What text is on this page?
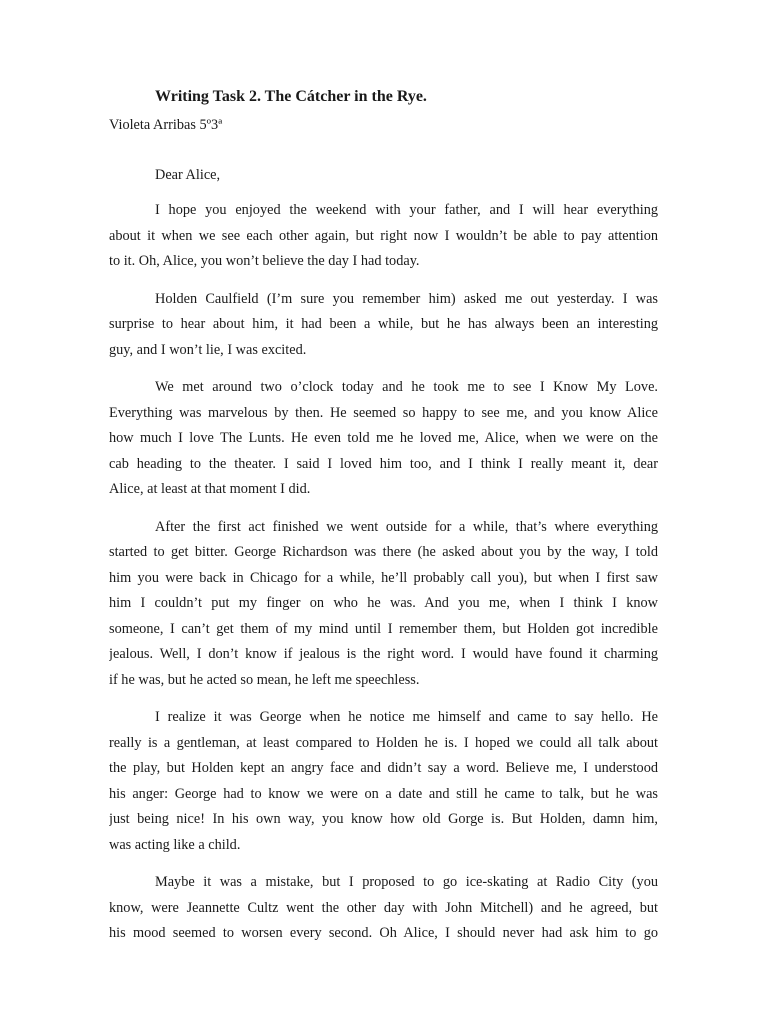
Writing Task 2. The Cátcher in the Rye.

Violeta Arribas 5º3ª

Dear Alice,

I hope you enjoyed the weekend with your father, and I will hear everything
about it when we see each other again, but right now I wouldn’t be able to pay attention
to it. Oh, Alice, you won’t believe the day I had today.
Holden Caulfield (I’m sure you remember him) asked me out yesterday. I was
surprise to hear about him, it had been a while, but he has always been an interesting
guy, and I won’t lie, I was excited.
We met around two o’clock today and he took me to see I Know My Love.
Everything was marvelous by then. He seemed so happy to see me, and you know Alice
how much I love The Lunts. He even told me he loved me, Alice, when we were on the
cab heading to the theater. I said I loved him too, and I think I really meant it, dear
Alice, at least at that moment I did.
After the first act finished we went outside for a while, that’s where everything
started to get bitter. George Richardson was there (he asked about you by the way, I told
him you were back in Chicago for a while, he’ll probably call you), but when I first saw
him I couldn’t put my finger on who he was. And you me, when I think I know
someone, I can’t get them of my mind until I remember them, but Holden got incredible
jealous. Well, I don’t know if jealous is the right word. I would have found it charming
if he was, but he acted so mean, he left me speechless.
I realize it was George when he notice me himself and came to say hello. He
really is a gentleman, at least compared to Holden he is. I hoped we could all talk about
the play, but Holden kept an angry face and didn’t say a word. Believe me, I understood
his anger: George had to know we were on a date and still he came to talk, but he was
just being nice! In his own way, you know how old Gorge is. But Holden, damn him,
was acting like a child.
Maybe it was a mistake, but I proposed to go ice-skating at Radio City (you
know, were Jeannette Cultz went the other day with John Mitchell) and he agreed, but
his mood seemed to worsen every second. Oh Alice, I should never had ask him to go
